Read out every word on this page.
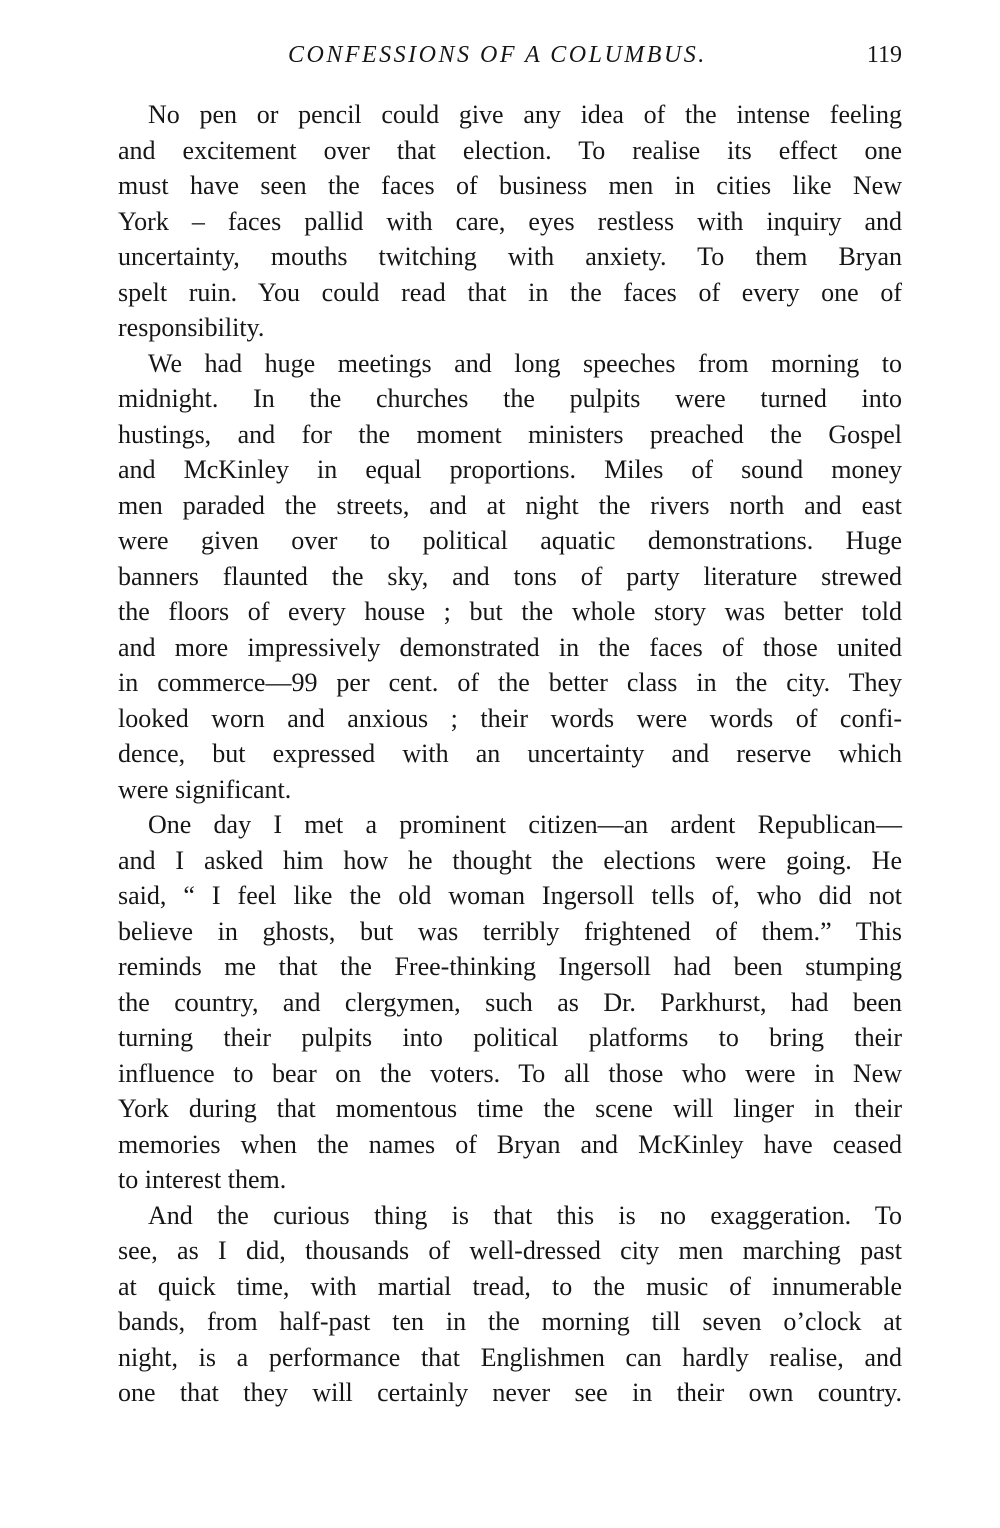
CONFESSIONS OF A COLUMBUS.	119
No pen or pencil could give any idea of the intense feeling
and excitement over that election. To realise its effect one
must have seen the faces of business men in cities like New
York – faces pallid with care, eyes restless with inquiry and
uncertainty, mouths twitching with anxiety. To them Bryan
spelt ruin. You could read that in the faces of every one of
responsibility.
We had huge meetings and long speeches from morning to
midnight. In the churches the pulpits were turned into
hustings, and for the moment ministers preached the Gospel
and McKinley in equal proportions. Miles of sound money
men paraded the streets, and at night the rivers north and east
were given over to political aquatic demonstrations. Huge
banners flaunted the sky, and tons of party literature strewed
the floors of every house ; but the whole story was better told
and more impressively demonstrated in the faces of those united
in commerce––99 per cent. of the better class in the city. They
looked worn and anxious ; their words were words of confi-
dence, but expressed with an uncertainty and reserve which
were significant.
One day I met a prominent citizen—an ardent Republican—
and I asked him how he thought the elections were going. He
said, “ I feel like the old woman Ingersoll tells of, who did not
believe in ghosts, but was terribly frightened of them.” This
reminds me that the Free-thinking Ingersoll had been stumping
the country, and clergymen, such as Dr. Parkhurst, had been
turning their pulpits into political platforms to bring their
influence to bear on the voters. To all those who were in New
York during that momentous time the scene will linger in their
memories when the names of Bryan and McKinley have ceased
to interest them.
And the curious thing is that this is no exaggeration. To
see, as I did, thousands of well-dressed city men marching past
at quick time, with martial tread, to the music of innumerable
bands, from half-past ten in the morning till seven o’clock at
night, is a performance that Englishmen can hardly realise, and
one that they will certainly never see in their own country.
